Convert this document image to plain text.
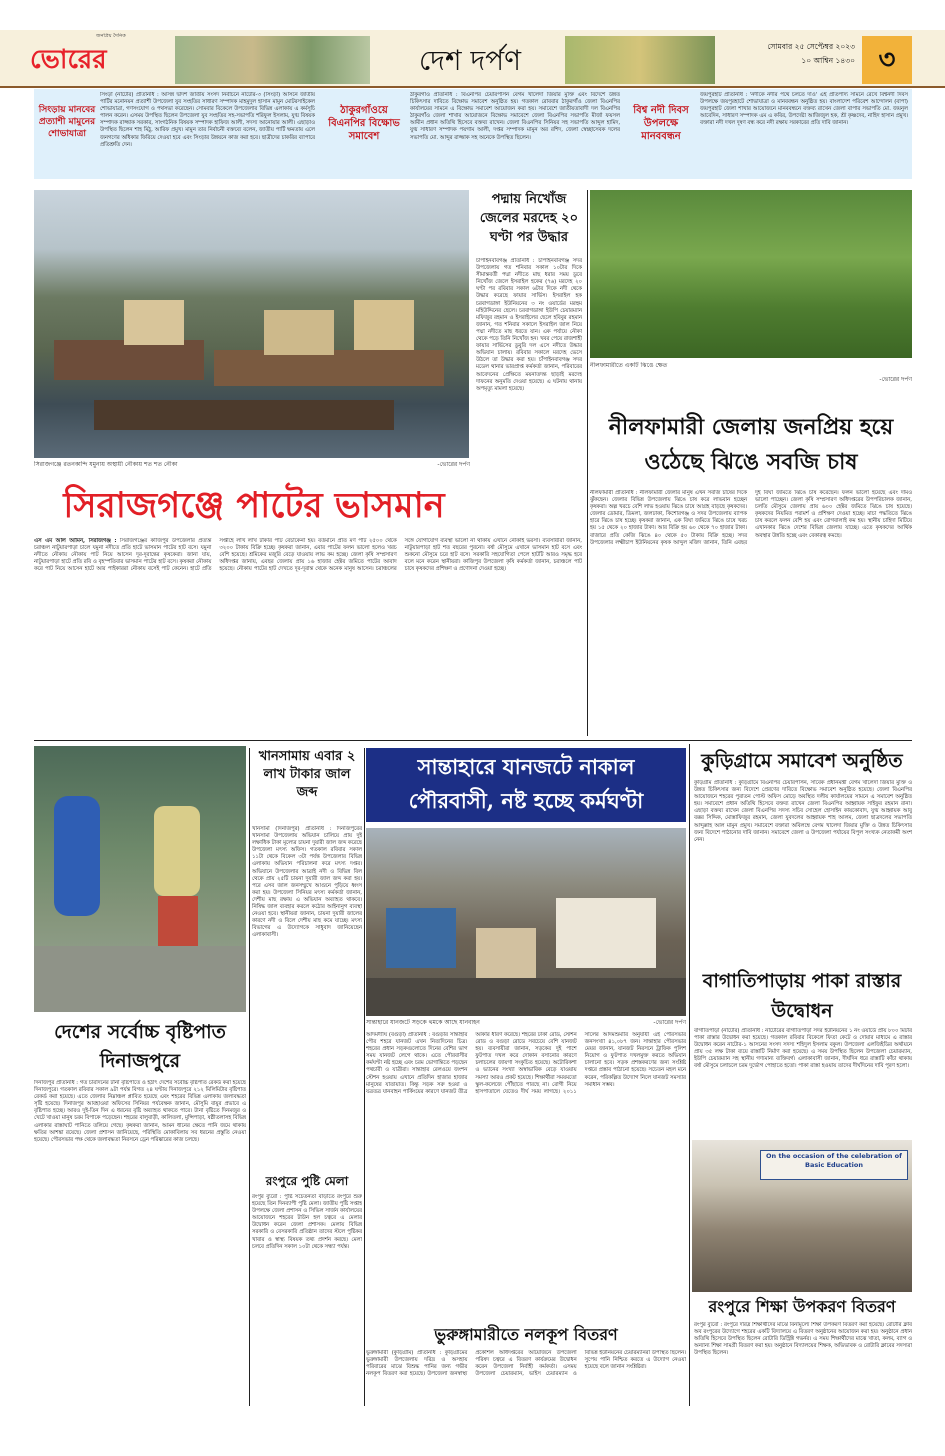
জনপ্রিয় দৈনিক
ভোরের	দেশ দর্পণ	সোমবার ২৫ সেপ্টেম্বর ২০২৩
১০ আশ্বিন ১৪৩০ ৩
সিংড়ায় মানবের প্রত্যাশী মামুনের শোভাযাত্রা
সিংড়া (নাটোর) প্রতিনিধি : আসন্ন দ্বাদশ জাতীয় সংসদ নির্বাচনে নাটোর-৩ (সিংড়া) আসনে জাতীয় পার্টির মনোনয়ন প্রত্যাশী উপজেলা যুব সংহতির সাধারণ সম্পাদক মাহমুদুল হাসান মামুন মোটরসাইকেল শোভাযাত্রা, গণসংযোগ ও পথসভা করেছেন। সোমবার বিকেলে উপজেলার বিভিন্ন এলাকায় এ কর্মসূচি পালন করেন। এসময় উপস্থিত ছিলেন উপজেলা যুব সংহতির সহ-সভাপতি শরিফুল ইসলাম, যুগ্ম বিষয়ক সম্পাদক রাজ্জাক সরকার, সাংগঠনিক বিষয়ক সম্পাদক হাফিজ আলী, সদস্য আনোয়ার আলী। এছাড়াও উপস্থিত ছিলেন শাহ মিঠু, আরিফ প্রমুখ। মামুন তার নির্বাচনী বক্তব্যে বলেন, জাতীয় পার্টি ক্ষমতায় এলে জনগণের অধিকার ফিরিয়ে দেওয়া হবে এবং সিংড়ার উন্নয়নে কাজ করা হবে। ছাত্রীদের চাকরির ব্যাপারে প্রতিশ্রুতি দেন।
ঠাকুরগাঁওয়ে বিএনপির বিক্ষোভ সমাবেশ
ঠাকুরগাঁও প্রতিনিধি : বিএনপির চেয়ারপার্সন বেগম খালেদা জিয়ার মুক্তি এবং বিদেশে উন্নত চিকিৎসার দাবিতে বিক্ষোভ সমাবেশ অনুষ্ঠিত হয়। গতকাল রোববার ঠাকুরগাঁও জেলা বিএনপির কার্যালয়ের সামনে এ বিক্ষোভ সমাবেশ আয়োজন করা হয়। সমাবেশে জাতীয়তাবাদী দল বিএনপির ঠাকুরগাঁও জেলা শাখার আয়োজনে বিক্ষোভ সমাবেশে জেলা বিএনপির সভাপতি মীর্জা ফয়সল আমীন প্রধান অতিথি হিসেবে বক্তব্য রাখেন। জেলা বিএনপির সিনিয়র সহ সভাপতি আব্দুল হামিদ, যুগ্ম সাধারণ সম্পাদক পয়গাম আলী, দপ্তর সম্পাদক মামুন অর রশিদ, জেলা স্বেচ্ছাসেবক দলের সভাপতি মো. আব্দুর রাজ্জাক সহ অনেকে উপস্থিত ছিলেন।
বিশ্ব নদী দিবস উপলক্ষে মানববন্ধন
জয়পুরহাট প্রতিনিধি : 'নদীকে নদীর পথে চলতে দাও' এই প্রতিপাদ্য সামনে রেখে বিশ্বনদী দিবস উপলক্ষে জয়পুরহাটে শোভাযাত্রা ও মানববন্ধন অনুষ্ঠিত হয়। বাংলাদেশ পরিবেশ আন্দোলন (বাপা) জয়পুরহাট জেলা শাখার আয়োজনে মানববন্ধনে বক্তব্য রাখেন জেলা বাপার সভাপতি মো. জয়নুল আবেদিন, সাধারণ সম্পাদক এম এ কবির, উপদেষ্টা আজিজুল হক, শ্রী কৃষ্ণদেব, নাহিদ হাসান প্রমুখ। বক্তারা নদী দখল দূষণ বন্ধ করে নদী রক্ষায় সরকারের প্রতি দাবি জানান।
সিরাজগঞ্জে রতনকান্দি যমুনায় অস্থায়ী নৌকায় শত শত নৌকা	-ভোরের দর্পণ
পদ্মায় নিখোঁজ জেলের মরদেহ ২০ ঘণ্টা পর উদ্ধার
চাঁপাইনবাবগঞ্জ প্রতিনিধি : চাঁপাইনবাবগঞ্জ সদর উপজেলায় গত শনিবার সকাল ১০টার দিকে সীমান্তবর্তী পদ্মা নদীতে মাছ ধরার সময় ডুবে নিখোঁজ জেলে ইসরাইল হকের (৭৬) মরদেহ ২০ ঘণ্টা পর রবিবার সকাল ৬টার দিকে নদী থেকে উদ্ধার করেছে ফায়ার সার্ভিস। ইসরাইল হক চরবাগডাঙ্গা ইউনিয়নের ৩ নং ওয়ার্ডের মরহুম মহিউদ্দিনের ছেলে। চরবাগডাঙ্গা ইউপি চেয়ারম্যান মফিজুর রহমান ও ইসরাইলের ছেলে হবিবুর রহমান জানান, গত শনিবার সকালে ইসরাইল জাল নিয়ে পদ্মা নদীতে মাছ ধরতে যান। এক পর্যায়ে নৌকা থেকে পড়ে তিনি নিখোঁজ হন। খবর পেয়ে রাজশাহী ফায়ার সার্ভিসের ডুবুরি দল এসে নদীতে উদ্ধার অভিযান চালায়। রবিবার সকালে মরদেহ ভেসে উঠলে তা উদ্ধার করা হয়। চাঁপাইনবাবগঞ্জ সদর মডেল থানার ভারপ্রাপ্ত কর্মকর্তা জানান, পরিবারের আবেদনের প্রেক্ষিতে ময়নাতদন্ত ছাড়াই মরদেহ দাফনের অনুমতি দেওয়া হয়েছে। এ ঘটনায় থানায় অপমৃত্যু মামলা হয়েছে।
নীলফামারীতে একটি ঝিঙে ক্ষেত
-ভোরের দর্পণ
নীলফামারী জেলায় জনপ্রিয় হয়ে ওঠেছে ঝিঙে সবজি চাষ
সিরাজগঞ্জে পাটের ভাসমান
এস এম আল আমিন, সিরাজগঞ্জ : সিরাজগঞ্জের কাজিপুর উপজেলার প্রত্যন্ত চরাঞ্চল নাটুয়ারপাড়া চালে যমুনা নদীতে প্রতি হাটে ভাসমান পাটের হাট বসে। যমুনা নদীতে নৌকায় নৌকায় পাট নিয়ে আসেন দূর-দূরান্তের কৃষকেরা। জানা যায়, নাটুয়ারপাড়া হাটে প্রতি রবি ও বৃহস্পতিবার ভাসমান পাটের হাট বসে। কৃষকরা নৌকায় করে পাট নিয়ে আসেন হাটে আর পাইকাররা নৌকায় বসেই পাট কেনেন। হাটে প্রতি সপ্তাহে লাখ লাখ টাকার পাট বেচাকেনা হয়। বর্তমানে প্রতি মণ পাট ২৫০০ থেকে ৩২০০ টাকায় বিক্রি হচ্ছে। কৃষকরা জানান, এবার পাটের ফলন ভালো হলেও খরচ বেশি হয়েছে। শ্রমিকের মজুরি বেড়ে যাওয়ায় লাভ কম হচ্ছে। জেলা কৃষি সম্প্রসারণ অধিদপ্তর জানায়, এবছর জেলায় প্রায় ১৬ হাজার হেক্টর জমিতে পাটের আবাদ হয়েছে। নৌকায় পাটের হাট দেখতে দূর-দূরান্ত থেকে অনেক মানুষ আসেন। চরাঞ্চলের সঙ্গে যোগাযোগ ব্যবস্থা ভালো না থাকায় এখানে নৌকাই ভরসা। ব্যবসায়ীরা জানান, নাটুয়ারপাড়া হাট শত বছরের পুরনো। বর্ষা মৌসুমে এখানে ভাসমান হাট বসে এবং শুকনো মৌসুমে চরে হাট বসে। সরকারি সহযোগিতা পেলে হাটটি আরও সমৃদ্ধ হবে বলে মনে করেন স্থানীয়রা। কাজিপুর উপজেলা কৃষি কর্মকর্তা জানান, চরাঞ্চলে পাট চাষে কৃষকদের প্রশিক্ষণ ও প্রণোদনা দেওয়া হচ্ছে।
নীলফামারী প্রতিনিধি : নীলফামারী জেলার মানুষ এখন সবজি চাষের দিকে ঝুঁকছেন। জেলার বিভিন্ন উপজেলায় ঝিঙে চাষ করে লাভবান হচ্ছেন কৃষকরা। অল্প খরচে বেশি লাভ হওয়ায় ঝিঙে চাষে আগ্রহ বাড়ছে কৃষকদের। জেলার ডোমার, ডিমলা, জলঢাকা, কিশোরগঞ্জ ও সদর উপজেলায় ব্যাপক হারে ঝিঙে চাষ হচ্ছে। কৃষকরা জানান, এক বিঘা জমিতে ঝিঙে চাষে খরচ হয় ১৫ থেকে ২০ হাজার টাকা। আর বিক্রি হয় ৬০ থেকে ৭০ হাজার টাকা। বাজারে প্রতি কেজি ঝিঙে ৪০ থেকে ৫০ টাকায় বিক্রি হচ্ছে। সদর উপজেলার লক্ষ্মীচাপ ইউনিয়নের কৃষক আব্দুল মজিদ জানান, তিনি এবছর দুই বিঘা জমিতে ঝিঙে চাষ করেছেন। ফলন ভালো হয়েছে এবং দামও ভালো পাচ্ছেন। জেলা কৃষি সম্প্রসারণ অধিদপ্তরের উপপরিচালক জানান, চলতি মৌসুমে জেলায় প্রায় ৬০০ হেক্টর জমিতে ঝিঙে চাষ হয়েছে। কৃষকদের নিয়মিত পরামর্শ ও প্রশিক্ষণ দেওয়া হচ্ছে। মাচা পদ্ধতিতে ঝিঙে চাষ করলে ফলন বেশি হয় এবং রোগবালাই কম হয়। স্থানীয় চাহিদা মিটিয়ে এখানকার ঝিঙে দেশের বিভিন্ন জেলায় যাচ্ছে। এতে কৃষকদের আর্থিক অবস্থার উন্নতি হচ্ছে এবং বেকারত্ব কমছে।
খানসামায় এবার ২ লাখ টাকার জাল জব্দ
খানসামা (দিনাজপুর) প্রতিনিধি : দিনাজপুরের খানসামা উপজেলায় অভিযান চালিয়ে প্রায় দুই লক্ষাধিক টাকা মূল্যের চায়না দুয়ারী জাল জব্দ করেছে উপজেলা মৎস্য অফিস। গতকাল রবিবার সকাল ১১টা থেকে বিকেল ৩টা পর্যন্ত উপজেলার বিভিন্ন এলাকায় অভিযান পরিচালনা করে মৎস্য দপ্তর। অভিযানে উপজেলার আত্রাই নদী ও বিভিন্ন বিল থেকে প্রায় ২৫টি চায়না দুয়ারী জাল জব্দ করা হয়। পরে এসব জাল জনসম্মুখে আগুনে পুড়িয়ে ধ্বংস করা হয়। উপজেলা সিনিয়র মৎস্য কর্মকর্তা জানান, দেশীয় মাছ রক্ষায় এ অভিযান অব্যাহত থাকবে। নিষিদ্ধ জাল ব্যবহার করলে কঠোর আইনানুগ ব্যবস্থা নেওয়া হবে। স্থানীয়রা জানান, চায়না দুয়ারী জালের কারণে নদী ও বিলে দেশীয় মাছ কমে যাচ্ছে। মৎস্য বিভাগের এ উদ্যোগকে সাধুবাদ জানিয়েছেন এলাকাবাসী।
সান্তাহারে যানজটে নাকাল পৌরবাসী, নষ্ট হচ্ছে কর্মঘণ্টা
সান্তাহারে যানজটে সড়কে থমকে আছে যানবাহন	-ভোরের দর্পণ
আদমদীঘি (বগুড়া) প্রতিনিধি : বগুড়ার সান্তাহার পৌর শহরে যানজট এখন নিত্যদিনের চিত্র। শহরের প্রধান সড়কগুলোতে দিনের বেশির ভাগ সময় যানজট লেগে থাকে। এতে পৌরবাসীর কর্মঘণ্টা নষ্ট হচ্ছে এবং চরম ভোগান্তিতে পড়ছেন পথচারী ও যাত্রীরা। সান্তাহার রেলওয়ে জংশন স্টেশন হওয়ায় এখানে প্রতিদিন হাজার হাজার মানুষের যাতায়াত। কিন্তু সড়ক সরু হওয়া ও যত্রতত্র যানবাহন পার্কিংয়ের কারণে যানজট তীব্র আকার ধারণ করেছে। শহরের ঢাকা রোড, স্টেশন রোড ও বগুড়া রোডে সবচেয়ে বেশি যানজট হয়। ব্যবসায়ীরা জানান, সড়কের দুই পাশে ফুটপাত দখল করে দোকান বসানোর কারণে চলাচলের জায়গা সংকুচিত হয়েছে। অটোরিকশা ও ভ্যানের সংখ্যা অস্বাভাবিক বেড়ে যাওয়ায় সমস্যা আরও প্রকট হয়েছে। শিক্ষার্থীরা সময়মতো স্কুল-কলেজে পৌঁছাতে পারছে না। রোগী নিয়ে হাসপাতালে যেতেও দীর্ঘ সময় লাগছে। ২০১১ সালের আদমশুমারি অনুযায়ী এই পৌরসভার জনসংখ্যা ৪১,০৮৭ জন। সান্তাহার পৌরসভার মেয়র জানান, যানজট নিরসনে ট্রাফিক পুলিশ নিয়োগ ও ফুটপাত দখলমুক্ত করতে অভিযান চালানো হবে। সড়ক প্রশস্তকরণের জন্য সংশ্লিষ্ট দপ্তরে প্রস্তাব পাঠানো হয়েছে। সচেতন মহল মনে করেন, পরিকল্পিত উদ্যোগ নিলে যানজট সমস্যার সমাধান সম্ভব।
কুড়িগ্রামে সমাবেশ অনুষ্ঠিত
কুড়িগ্রাম প্রতিনিধি : কুড়িগ্রামে বিএনপির চেয়ারপার্সন, সাবেক প্রধানমন্ত্রী বেগম খালেদা জিয়ার মুক্তি ও উন্নত চিকিৎসার জন্য বিদেশে প্রেরণের দাবিতে বিক্ষোভ সমাবেশ অনুষ্ঠিত হয়েছে। জেলা বিএনপির আয়োজনে শহরের পুরাতন পোস্ট অফিস মোড়ে অবস্থিত দলীয় কার্যালয়ের সামনে এ সমাবেশ অনুষ্ঠিত হয়। সমাবেশে প্রধান অতিথি হিসেবে বক্তব্য রাখেন জেলা বিএনপির আহ্বায়ক সাইফুর রহমান রানা। এছাড়া বক্তব্য রাখেন জেলা বিএনপির সদস্য সচিব সোহেল হোসাইন কায়কোবাদ, যুগ্ম আহ্বায়ক আবু বক্কর সিদ্দিক, মোস্তাফিজুর রহমান, জেলা যুবদলের আহ্বায়ক শাহ আলম, জেলা ছাত্রদলের সভাপতি আব্দুল্লাহ আল মামুন প্রমুখ। সমাবেশে বক্তারা অবিলম্বে বেগম খালেদা জিয়ার মুক্তি ও উন্নত চিকিৎসার জন্য বিদেশে পাঠানোর দাবি জানান। সমাবেশে জেলা ও উপজেলা পর্যায়ের বিপুল সংখ্যক নেতাকর্মী অংশ নেন।
বাগাতিপাড়ায় পাকা রাস্তার উদ্বোধন
বাগাতিপাড়া (নাটোর) প্রতিনিধি : নাটোরের বাগাতিপাড়া সদর ইউনিয়নের ১ নং ওয়ার্ডে প্রায় ৮০০ মিটার পাকা রাস্তার উদ্বোধন করা হয়েছে। গতকাল রবিবার বিকেলে ফিতা কেটে ও দোয়ার মাধ্যমে এ রাস্তার উদ্বোধন করেন নাটোর-১ আসনের সংসদ সদস্য শহিদুল ইসলাম বকুল। উপজেলা এলজিইডির অর্থায়নে প্রায় ৩৫ লক্ষ টাকা ব্যয়ে রাস্তাটি নির্মাণ করা হয়েছে। এ সময় উপস্থিত ছিলেন উপজেলা চেয়ারম্যান, ইউপি চেয়ারম্যান সহ স্থানীয় গণ্যমান্য ব্যক্তিবর্গ। এলাকাবাসী জানান, দীর্ঘদিন ধরে রাস্তাটি কাঁচা থাকায় বর্ষা মৌসুমে চলাচলে চরম দুর্ভোগ পোহাতে হতো। পাকা রাস্তা হওয়ায় তাদের দীর্ঘদিনের দাবি পূরণ হলো।
On the occasion of the celebration of Basic Education
রংপুরে শিক্ষা উপকরণ বিতরণ
রংপুর ব্যুরো : রংপুরে দরিদ্র শিক্ষার্থীদের মাঝে বিনামূল্যে শিক্ষা উপকরণ বিতরণ করা হয়েছে। রোটারি ক্লাব অব রংপুরের উদ্যোগে শহরের একটি বিদ্যালয়ে এ বিতরণ অনুষ্ঠানের আয়োজন করা হয়। অনুষ্ঠানে প্রধান অতিথি হিসেবে উপস্থিত ছিলেন রোটারি ডিস্ট্রিক্ট গভর্নর। এ সময় শিক্ষার্থীদের মাঝে খাতা, কলম, ব্যাগ ও অন্যান্য শিক্ষা সামগ্রী বিতরণ করা হয়। অনুষ্ঠানে বিদ্যালয়ের শিক্ষক, অভিভাবক ও রোটারি ক্লাবের সদস্যরা উপস্থিত ছিলেন।
দেশের সর্বোচ্চ বৃষ্টিপাত দিনাজপুরে
দিনাজপুর প্রতিনিধি : গত চারদিনের টানা বৃষ্টিপাতে ও হঠাৎ দেশের সর্বোচ্চ বৃষ্টিপাত রেকর্ড করা হয়েছে দিনাজপুরে। গতকাল রবিবার সকাল ৯টা পর্যন্ত বিগত ২৪ ঘণ্টায় দিনাজপুরে ২১২ মিলিমিটার বৃষ্টিপাত রেকর্ড করা হয়েছে। এতে জেলার নিম্নাঞ্চল প্লাবিত হয়েছে এবং শহরের বিভিন্ন এলাকায় জলাবদ্ধতা সৃষ্টি হয়েছে। দিনাজপুর আবহাওয়া অফিসের সিনিয়র পর্যবেক্ষক জানান, মৌসুমি বায়ুর প্রভাবে এ বৃষ্টিপাত হচ্ছে। আরও দুই-তিন দিন এ ধরনের বৃষ্টি অব্যাহত থাকতে পারে। টানা বৃষ্টিতে দিনমজুর ও খেটে খাওয়া মানুষ চরম বিপাকে পড়েছেন। শহরের বালুবাড়ী, কালিতলা, মুন্সিপাড়া, ষষ্ঠীতলাসহ বিভিন্ন এলাকার রাস্তাঘাট পানিতে তলিয়ে গেছে। কৃষকরা জানান, আমন ধানের ক্ষেতে পানি জমে থাকায় ক্ষতির আশঙ্কা রয়েছে। জেলা প্রশাসন জানিয়েছে, পরিস্থিতি মোকাবিলায় সব ধরনের প্রস্তুতি নেওয়া হয়েছে। পৌরসভার পক্ষ থেকে জলাবদ্ধতা নিরসনে ড্রেন পরিষ্কারের কাজ চলছে।
রংপুরে পুষ্টি মেলা
রংপুর ব্যুরো : পুষ্টি সচেতনতা বাড়াতে রংপুরে শুরু হয়েছে তিন দিনব্যাপী পুষ্টি মেলা। জাতীয় পুষ্টি সপ্তাহ উপলক্ষে জেলা প্রশাসন ও সিভিল সার্জন কার্যালয়ের আয়োজনে শহরের টাউন হল চত্বরে এ মেলার উদ্বোধন করেন জেলা প্রশাসক। মেলায় বিভিন্ন সরকারি ও বেসরকারি প্রতিষ্ঠান তাদের স্টলে পুষ্টিকর খাবার ও স্বাস্থ্য বিষয়ক তথ্য প্রদর্শন করছে। মেলা চলবে প্রতিদিন সকাল ১০টা থেকে সন্ধ্যা পর্যন্ত।
ভুরুঙ্গামারীতে নলকূপ বিতরণ
ভুরুঙ্গামারী (কুড়িগ্রাম) প্রতিনিধি : কুড়িগ্রামের ভুরুঙ্গামারী উপজেলায় দরিদ্র ও অসহায় পরিবারের মাঝে বিশুদ্ধ পানির জন্য গভীর নলকূপ বিতরণ করা হয়েছে। উপজেলা জনস্বাস্থ্য প্রকৌশল অধিদপ্তরের আয়োজনে উপজেলা পরিষদ চত্বরে এ বিতরণ কার্যক্রমের উদ্বোধন করেন উপজেলা নির্বাহী কর্মকর্তা। এসময় উপজেলা চেয়ারম্যান, ভাইস চেয়ারম্যান ও বিভিন্ন ইউনিয়নের চেয়ারম্যানরা উপস্থিত ছিলেন। সুপেয় পানি নিশ্চিত করতে এ উদ্যোগ নেওয়া হয়েছে বলে জানান সংশ্লিষ্টরা।
